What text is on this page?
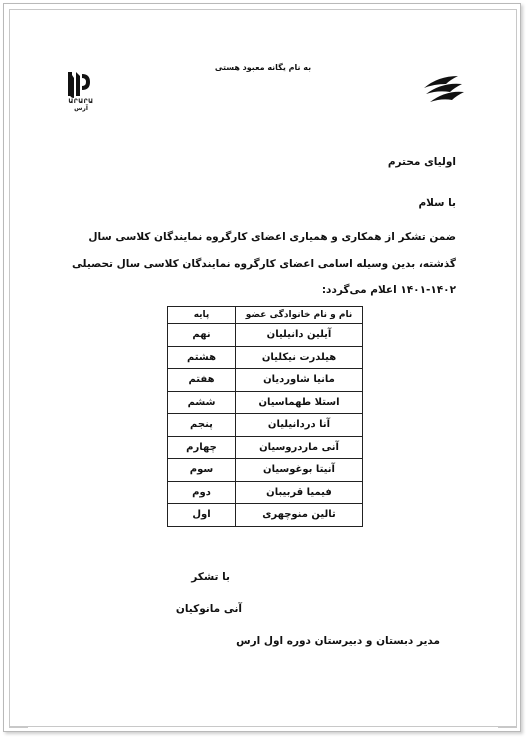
به نام یگانه معبود هستی
ԱՐԱՐԱ
آرس
اولیای محترم
با سلام
ضمن تشکر از همکاری و همیاری اعضای کارگروه نمایندگان کلاسی سال گذشته، بدین وسیله اسامی اعضای کارگروه نمایندگان کلاسی سال تحصیلی ۱۴۰۲-۱۴۰۱ اعلام می‌گردد:
نام و نام خانوادگی عضو	پایه
آیلین دانیلیان	نهم
هیلدرت نیکلیان	هشتم
مانیا شاوردیان	هفتم
استلا طهماسیان	ششم
آنا دردانیلیان	پنجم
آنی ماردروسیان	چهارم
آنیتا بوغوسیان	سوم
فیمیا قربیبان	دوم
تالین منوچهری	اول
با تشکر
آنی مانوکیان
مدیر دبستان و دبیرستان دوره اول ارس
